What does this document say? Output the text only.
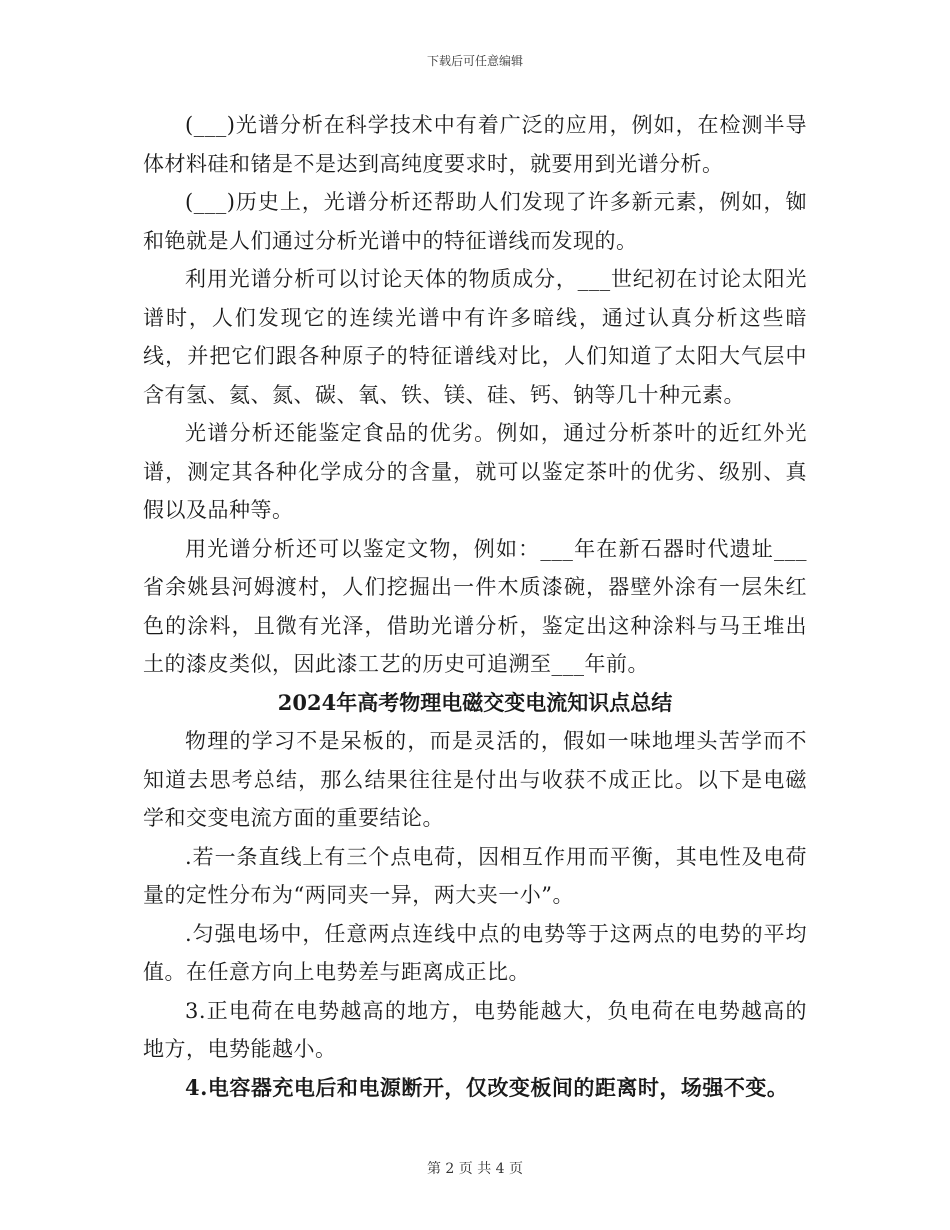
下载后可任意编辑

(___)光谱分析在科学技术中有着广泛的应用，例如，在检测半导体材料硅和锗是不是达到高纯度要求时，就要用到光谱分析。

(___)历史上，光谱分析还帮助人们发现了许多新元素，例如，铷和铯就是人们通过分析光谱中的特征谱线而发现的。

利用光谱分析可以讨论天体的物质成分，___世纪初在讨论太阳光谱时，人们发现它的连续光谱中有许多暗线，通过认真分析这些暗线，并把它们跟各种原子的特征谱线对比，人们知道了太阳大气层中含有氢、氦、氮、碳、氧、铁、镁、硅、钙、钠等几十种元素。

光谱分析还能鉴定食品的优劣。例如，通过分析茶叶的近红外光谱，测定其各种化学成分的含量，就可以鉴定茶叶的优劣、级别、真假以及品种等。

用光谱分析还可以鉴定文物，例如：___年在新石器时代遗址___省余姚县河姆渡村，人们挖掘出一件木质漆碗，器壁外涂有一层朱红色的涂料，且微有光泽，借助光谱分析，鉴定出这种涂料与马王堆出土的漆皮类似，因此漆工艺的历史可追溯至___年前。

2024年高考物理电磁交变电流知识点总结

物理的学习不是呆板的，而是灵活的，假如一味地埋头苦学而不知道去思考总结，那么结果往往是付出与收获不成正比。以下是电磁学和交变电流方面的重要结论。

.若一条直线上有三个点电荷，因相互作用而平衡，其电性及电荷量的定性分布为“两同夹一异，两大夹一小”。

.匀强电场中，任意两点连线中点的电势等于这两点的电势的平均值。在任意方向上电势差与距离成正比。

3.正电荷在电势越高的地方，电势能越大，负电荷在电势越高的地方，电势能越小。

4.电容器充电后和电源断开，仅改变板间的距离时，场强不变。

第 2 页 共 4 页
